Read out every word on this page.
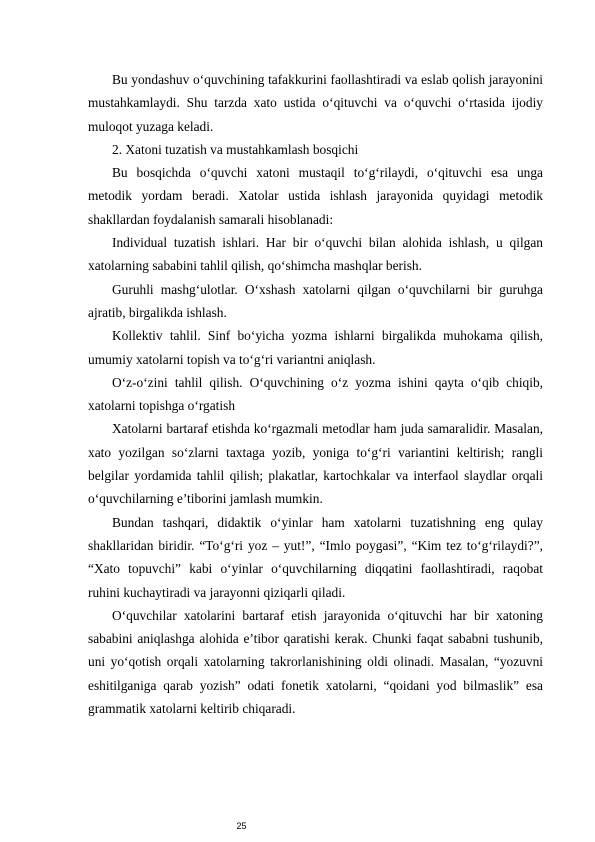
Bu yondashuv o‘quvchining tafakkurini faollashtiradi va eslab qolish jarayonini mustahkamlaydi. Shu tarzda xato ustida o‘qituvchi va o‘quvchi o‘rtasida ijodiy muloqot yuzaga keladi.

2. Xatoni tuzatish va mustahkamlash bosqichi

Bu bosqichda o‘quvchi xatoni mustaqil to‘g‘rilaydi, o‘qituvchi esa unga metodik yordam beradi. Xatolar ustida ishlash jarayonida quyidagi metodik shakllardan foydalanish samarali hisoblanadi:

Individual tuzatish ishlari. Har bir o‘quvchi bilan alohida ishlash, u qilgan xatolarning sababini tahlil qilish, qo‘shimcha mashqlar berish.

Guruhli mashg‘ulotlar. O‘xshash xatolarni qilgan o‘quvchilarni bir guruhga ajratib, birgalikda ishlash.

Kollektiv tahlil. Sinf bo‘yicha yozma ishlarni birgalikda muhokama qilish, umumiy xatolarni topish va to‘g‘ri variantni aniqlash.

O‘z-o‘zini tahlil qilish. O‘quvchining o‘z yozma ishini qayta o‘qib chiqib, xatolarni topishga o‘rgatish

Xatolarni bartaraf etishda ko‘rgazmali metodlar ham juda samaralidir. Masalan, xato yozilgan so‘zlarni taxtaga yozib, yoniga to‘g‘ri variantini keltirish; rangli belgilar yordamida tahlil qilish; plakatlar, kartochkalar va interfaol slaydlar orqali o‘quvchilarning e’tiborini jamlash mumkin.

Bundan tashqari, didaktik o‘yinlar ham xatolarni tuzatishning eng qulay shakllaridan biridir. “To‘g‘ri yoz – yut!”, “Imlo poygasi”, “Kim tez to‘g‘rilaydi?”, “Xato topuvchi” kabi o‘yinlar o‘quvchilarning diqqatini faollashtiradi, raqobat ruhini kuchaytiradi va jarayonni qiziqarli qiladi.

O‘quvchilar xatolarini bartaraf etish jarayonida o‘qituvchi har bir xatoning sababini aniqlashga alohida e’tibor qaratishi kerak. Chunki faqat sababni tushunib, uni yo‘qotish orqali xatolarning takrorlanishining oldi olinadi. Masalan, “yozuvni eshitilganiga qarab yozish” odati fonetik xatolarni, “qoidani yod bilmaslik” esa grammatik xatolarni keltirib chiqaradi.

25
